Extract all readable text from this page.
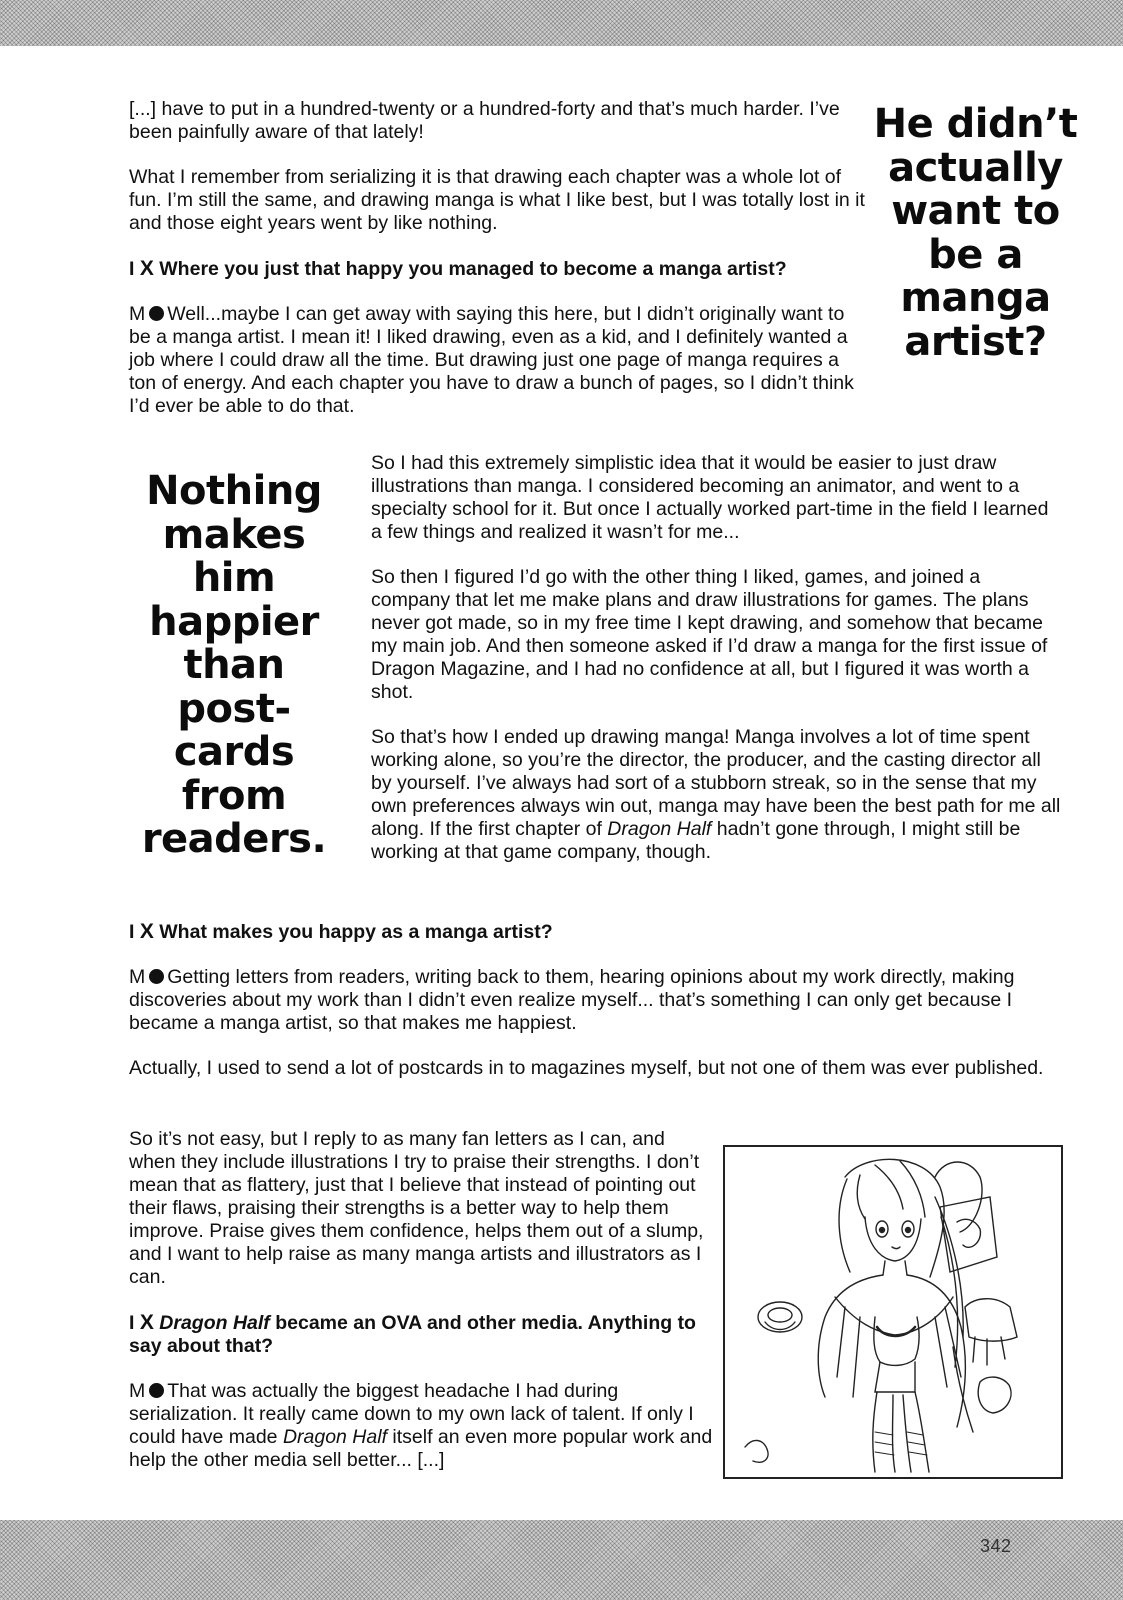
[...] have to put in a hundred-twenty or a hundred-forty and that’s much harder. I’ve been painfully aware of that lately!

What I remember from serializing it is that drawing each chapter was a whole lot of fun. I’m still the same, and drawing manga is what I like best, but I was totally lost in it and those eight years went by like nothing.

I X Where you just that happy you managed to become a manga artist?

M Well...maybe I can get away with saying this here, but I didn’t originally want to be a manga artist. I mean it! I liked drawing, even as a kid, and I definitely wanted a job where I could draw all the time. But drawing just one page of manga requires a ton of energy. And each chapter you have to draw a bunch of pages, so I didn’t think I’d ever be able to do that.

He didn’t actually want to be a manga artist?
Nothing makes him happier than post-cards from readers.

So I had this extremely simplistic idea that it would be easier to just draw illustrations than manga. I considered becoming an animator, and went to a specialty school for it. But once I actually worked part-time in the field I learned a few things and realized it wasn’t for me...

So then I figured I’d go with the other thing I liked, games, and joined a company that let me make plans and draw illustrations for games. The plans never got made, so in my free time I kept drawing, and somehow that became my main job. And then someone asked if I’d draw a manga for the first issue of Dragon Magazine, and I had no confidence at all, but I figured it was worth a shot.

So that’s how I ended up drawing manga! Manga involves a lot of time spent working alone, so you’re the director, the producer, and the casting director all by yourself. I’ve always had sort of a stubborn streak, so in the sense that my own preferences always win out, manga may have been the best path for me all along. If the first chapter of Dragon Half hadn’t gone through, I might still be working at that game company, though.

I X What makes you happy as a manga artist?

M Getting letters from readers, writing back to them, hearing opinions about my work directly, making discoveries about my work than I didn’t even realize myself... that’s something I can only get because I became a manga artist, so that makes me happiest.

Actually, I used to send a lot of postcards in to magazines myself, but not one of them was ever published.

So it’s not easy, but I reply to as many fan letters as I can, and when they include illustrations I try to praise their strengths. I don’t mean that as flattery, just that I believe that instead of pointing out their flaws, praising their strengths is a better way to help them improve. Praise gives them confidence, helps them out of a slump, and I want to help raise as many manga artists and illustrators as I can.

I X Dragon Half became an OVA and other media. Anything to say about that?

M That was actually the biggest headache I had during serialization. It really came down to my own lack of talent. If only I could have made Dragon Half itself an even more popular work and help the other media sell better... [...]

342
